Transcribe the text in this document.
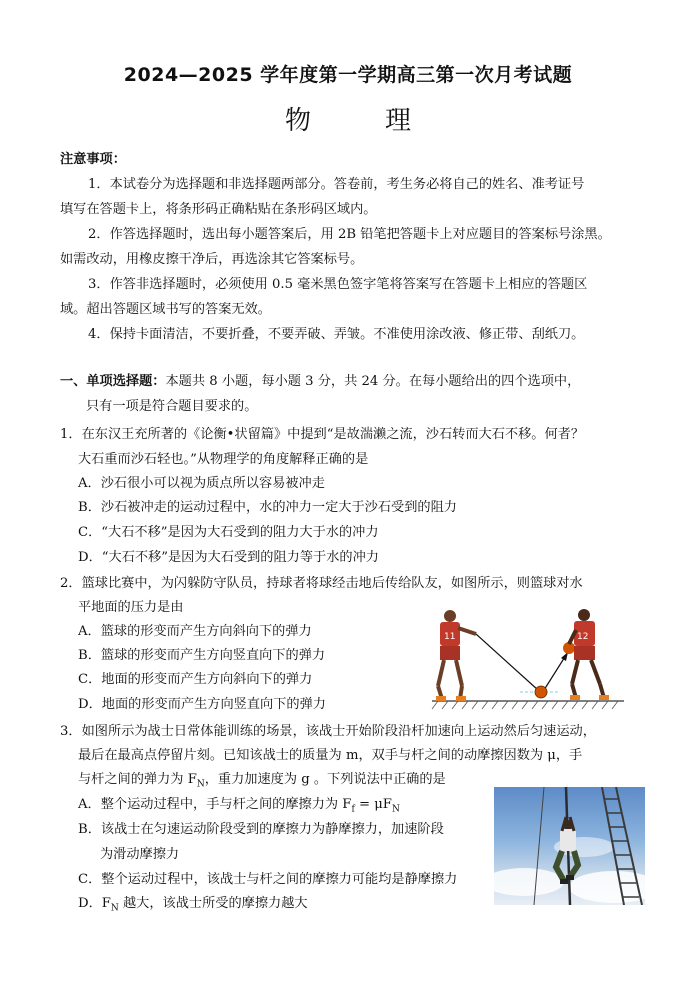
2024—2025 学年度第一学期高三第一次月考试题
物　理
注意事项：
1．本试卷分为选择题和非选择题两部分。答卷前，考生务必将自己的姓名、准考证号
填写在答题卡上，将条形码正确粘贴在条形码区域内。
2．作答选择题时，选出每小题答案后，用 2B 铅笔把答题卡上对应题目的答案标号涂黑。
如需改动，用橡皮擦干净后，再选涂其它答案标号。
3．作答非选择题时，必须使用 0.5 毫米黑色签字笔将答案写在答题卡上相应的答题区
域。超出答题区域书写的答案无效。
4．保持卡面清洁，不要折叠，不要弄破、弄皱。不准使用涂改液、修正带、刮纸刀。
一、单项选择题：本题共 8 小题，每小题 3 分，共 24 分。在每小题给出的四个选项中，
只有一项是符合题目要求的。
1．在东汉王充所著的《论衡•状留篇》中提到“是故湍濑之流，沙石转而大石不移。何者？
大石重而沙石轻也。”从物理学的角度解释正确的是
A．沙石很小可以视为质点所以容易被冲走
B．沙石被冲走的运动过程中，水的冲力一定大于沙石受到的阻力
C．“大石不移”是因为大石受到的阻力大于水的冲力
D．“大石不移”是因为大石受到的阻力等于水的冲力
2．篮球比赛中，为闪躲防守队员，持球者将球经击地后传给队友，如图所示，则篮球对水
平地面的压力是由
A．篮球的形变而产生方向斜向下的弹力
B．篮球的形变而产生方向竖直向下的弹力
C．地面的形变而产生方向斜向下的弹力
D．地面的形变而产生方向竖直向下的弹力
11	12
3．如图所示为战士日常体能训练的场景，该战士开始阶段沿杆加速向上运动然后匀速运动，
最后在最高点停留片刻。已知该战士的质量为 m，双手与杆之间的动摩擦因数为 μ，手
与杆之间的弹力为 $F_N$，重力加速度为 g 。下列说法中正确的是
A．整个运动过程中，手与杆之间的摩擦力为 $F_f = \mu F_N$
B．该战士在匀速运动阶段受到的摩擦力为静摩擦力，加速阶段
为滑动摩擦力
C．整个运动过程中，该战士与杆之间的摩擦力可能均是静摩擦力
D．$F_N$ 越大，该战士所受的摩擦力越大
